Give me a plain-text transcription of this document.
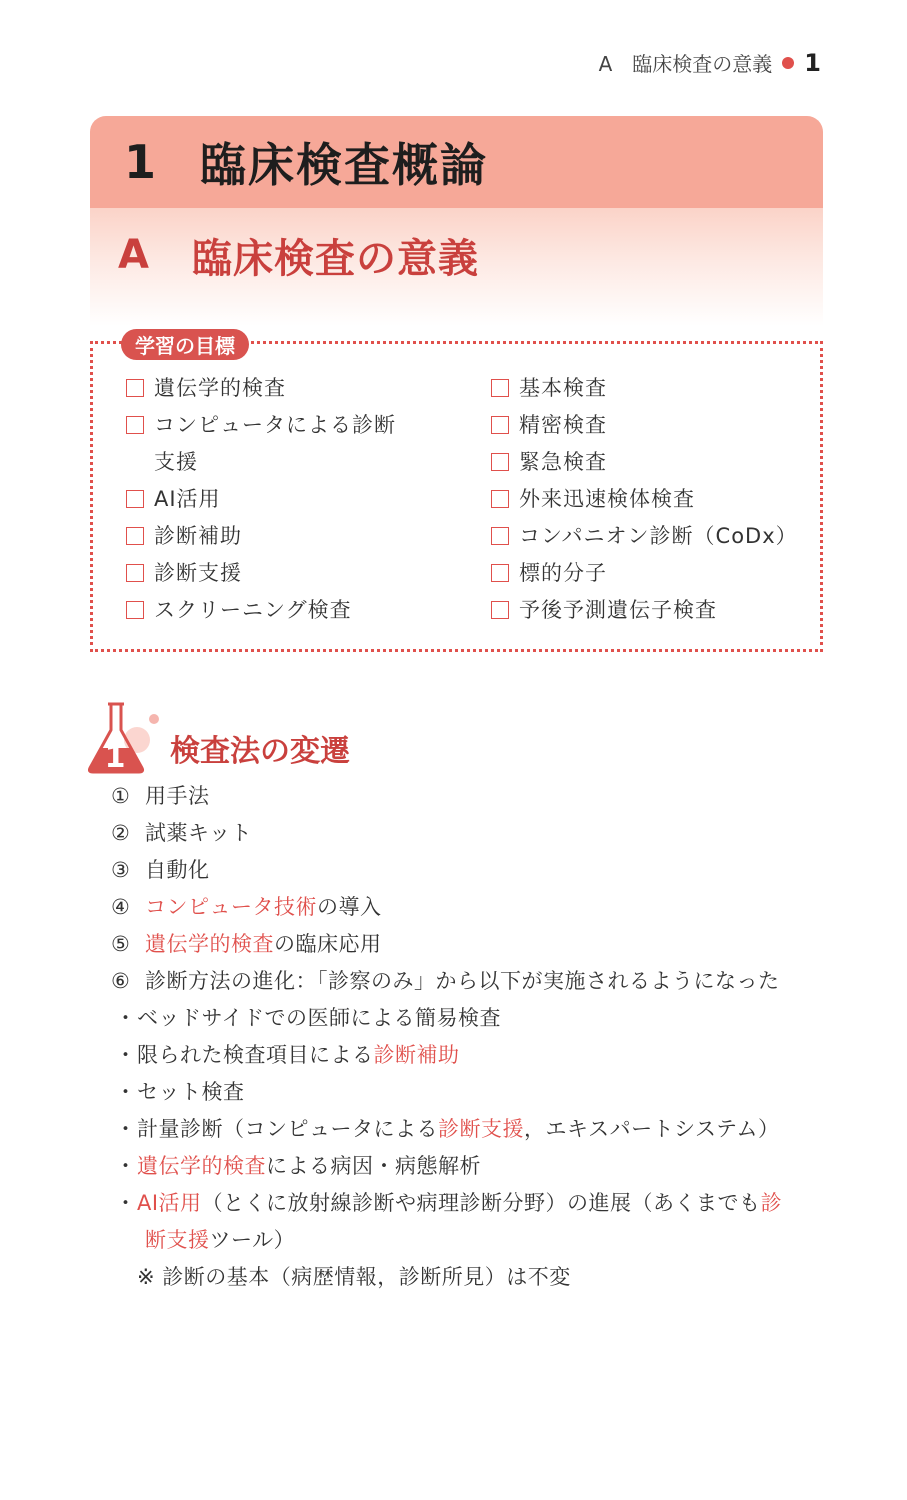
A　臨床検査の意義 1
1 臨床検査概論
A 臨床検査の意義
学習の目標
遺伝学的検査
コンピュータによる診断
支援
AI活用
診断補助
診断支援
スクリーニング検査
基本検査
精密検査
緊急検査
外来迅速検体検査
コンパニオン診断（CoDx）
標的分子
予後予測遺伝子検査
1 検査法の変遷
① 用手法
② 試薬キット
③ 自動化
④ コンピュータ技術の導入
⑤ 遺伝学的検査の臨床応用
⑥ 診断方法の進化：「診察のみ」から以下が実施されるようになった
・ベッドサイドでの医師による簡易検査
・限られた検査項目による診断補助
・セット検査
・計量診断（コンピュータによる診断支援，エキスパートシステム）
・遺伝学的検査による病因・病態解析
・AI活用（とくに放射線診断や病理診断分野）の進展（あくまでも診
断支援ツール）
※ 診断の基本（病歴情報，診断所見）は不変
